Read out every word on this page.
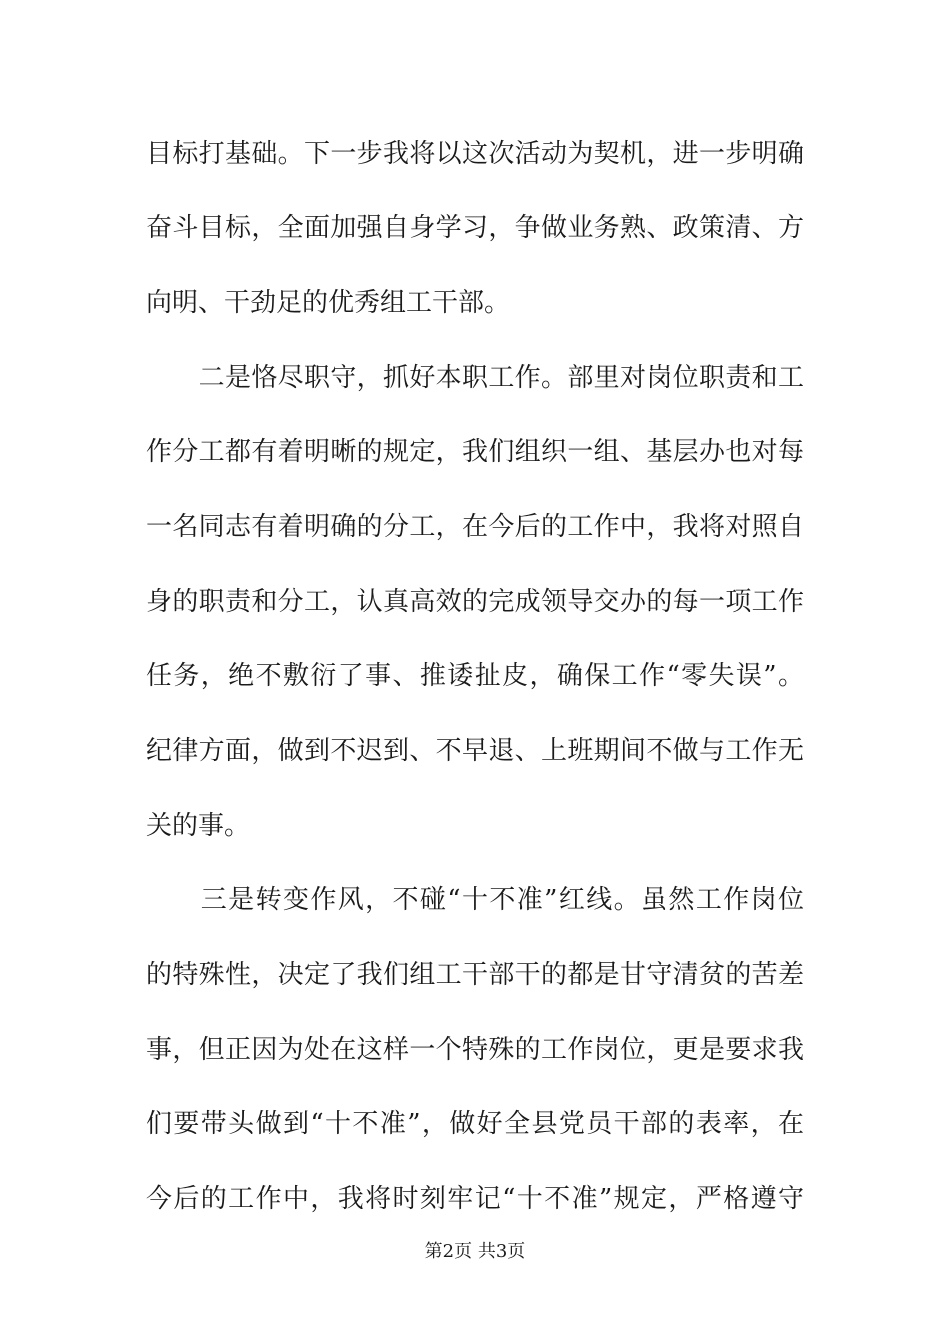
目标打基础。下一步我将以这次活动为契机，进一步明确
奋斗目标，全面加强自身学习，争做业务熟、政策清、方
向明、干劲足的优秀组工干部。
　　二是恪尽职守，抓好本职工作。部里对岗位职责和工
作分工都有着明晰的规定，我们组织一组、基层办也对每
一名同志有着明确的分工，在今后的工作中，我将对照自
身的职责和分工，认真高效的完成领导交办的每一项工作
任务，绝不敷衍了事、推诿扯皮，确保工作“零失误”。
纪律方面，做到不迟到、不早退、上班期间不做与工作无
关的事。
　　三是转变作风，不碰“十不准”红线。虽然工作岗位
的特殊性，决定了我们组工干部干的都是甘守清贫的苦差
事，但正因为处在这样一个特殊的工作岗位，更是要求我
们要带头做到“十不准”，做好全县党员干部的表率，在
今后的工作中，我将时刻牢记“十不准”规定，严格遵守
第2页 共3页
